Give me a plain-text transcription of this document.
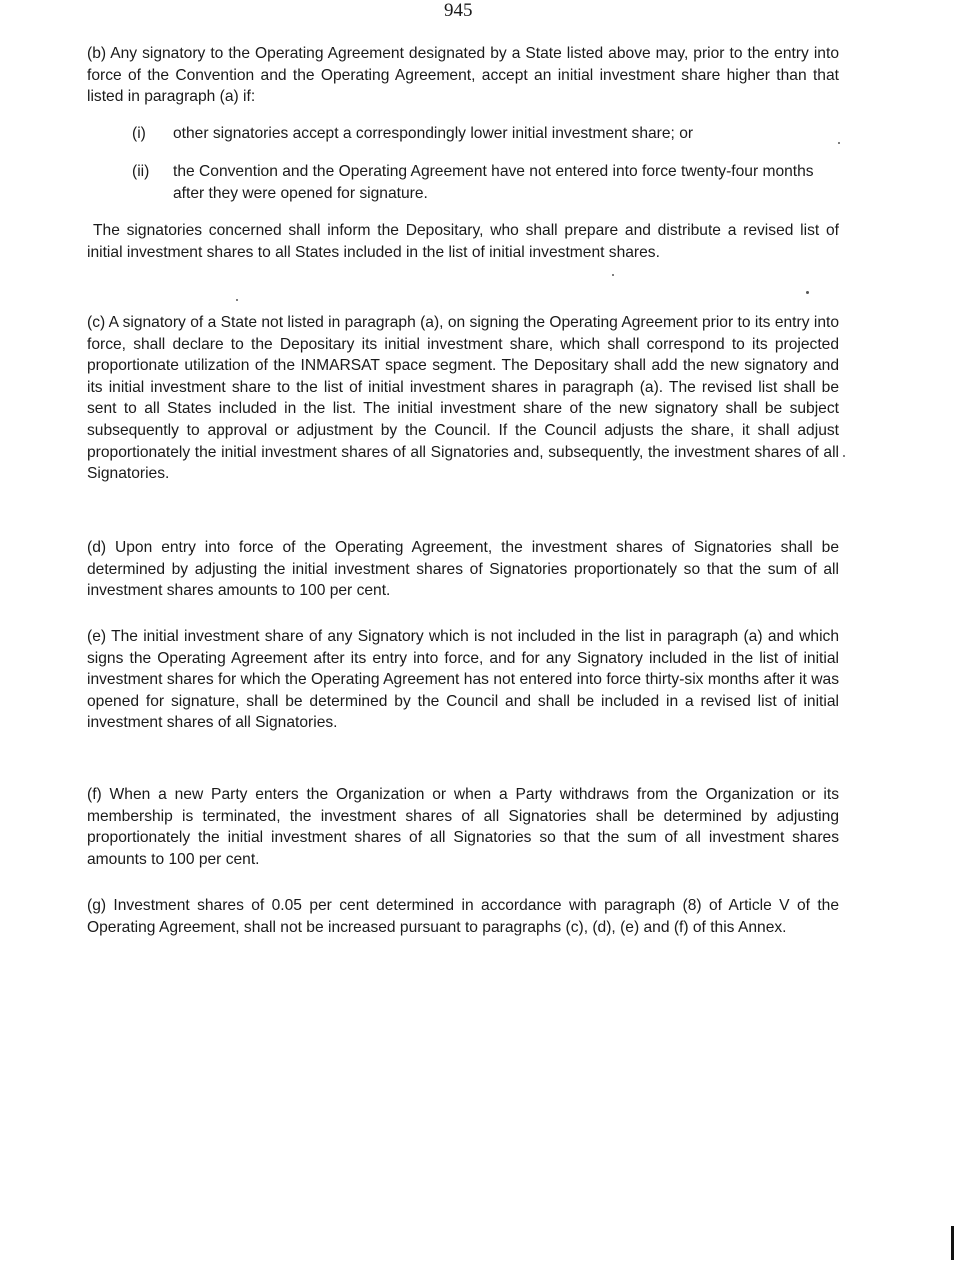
945

(b) Any signatory to the Operating Agreement designated by a State listed above may, prior to the entry into force of the Convention and the Operating Agreement, accept an initial investment share higher than that listed in paragraph (a) if:

(i) other signatories accept a correspondingly lower initial investment share; or
(ii) the Convention and the Operating Agreement have not entered into force twenty-four months after they were opened for signature.

The signatories concerned shall inform the Depositary, who shall prepare and distribute a revised list of initial investment shares to all States included in the list of initial investment shares.

(c) A signatory of a State not listed in paragraph (a), on signing the Operating Agreement prior to its entry into force, shall declare to the Depositary its initial investment share, which shall correspond to its projected proportionate utilization of the INMARSAT space segment. The Depositary shall add the new signatory and its initial investment share to the list of initial investment shares in paragraph (a). The revised list shall be sent to all States included in the list. The initial investment share of the new signatory shall be subject subsequently to approval or adjustment by the Council. If the Council adjusts the share, it shall adjust proportionately the initial investment shares of all Signatories and, subsequently, the investment shares of all Signatories.

(d) Upon entry into force of the Operating Agreement, the investment shares of Signatories shall be determined by adjusting the initial investment shares of Signatories proportionately so that the sum of all investment shares amounts to 100 per cent.

(e) The initial investment share of any Signatory which is not included in the list in paragraph (a) and which signs the Operating Agreement after its entry into force, and for any Signatory included in the list of initial investment shares for which the Operating Agreement has not entered into force thirty-six months after it was opened for signature, shall be determined by the Council and shall be included in a revised list of initial investment shares of all Signatories.

(f) When a new Party enters the Organization or when a Party withdraws from the Organization or its membership is terminated, the investment shares of all Signatories shall be determined by adjusting proportionately the initial investment shares of all Signatories so that the sum of all investment shares amounts to 100 per cent.

(g) Investment shares of 0.05 per cent determined in accordance with paragraph (8) of Article V of the Operating Agreement, shall not be increased pursuant to paragraphs (c), (d), (e) and (f) of this Annex.
